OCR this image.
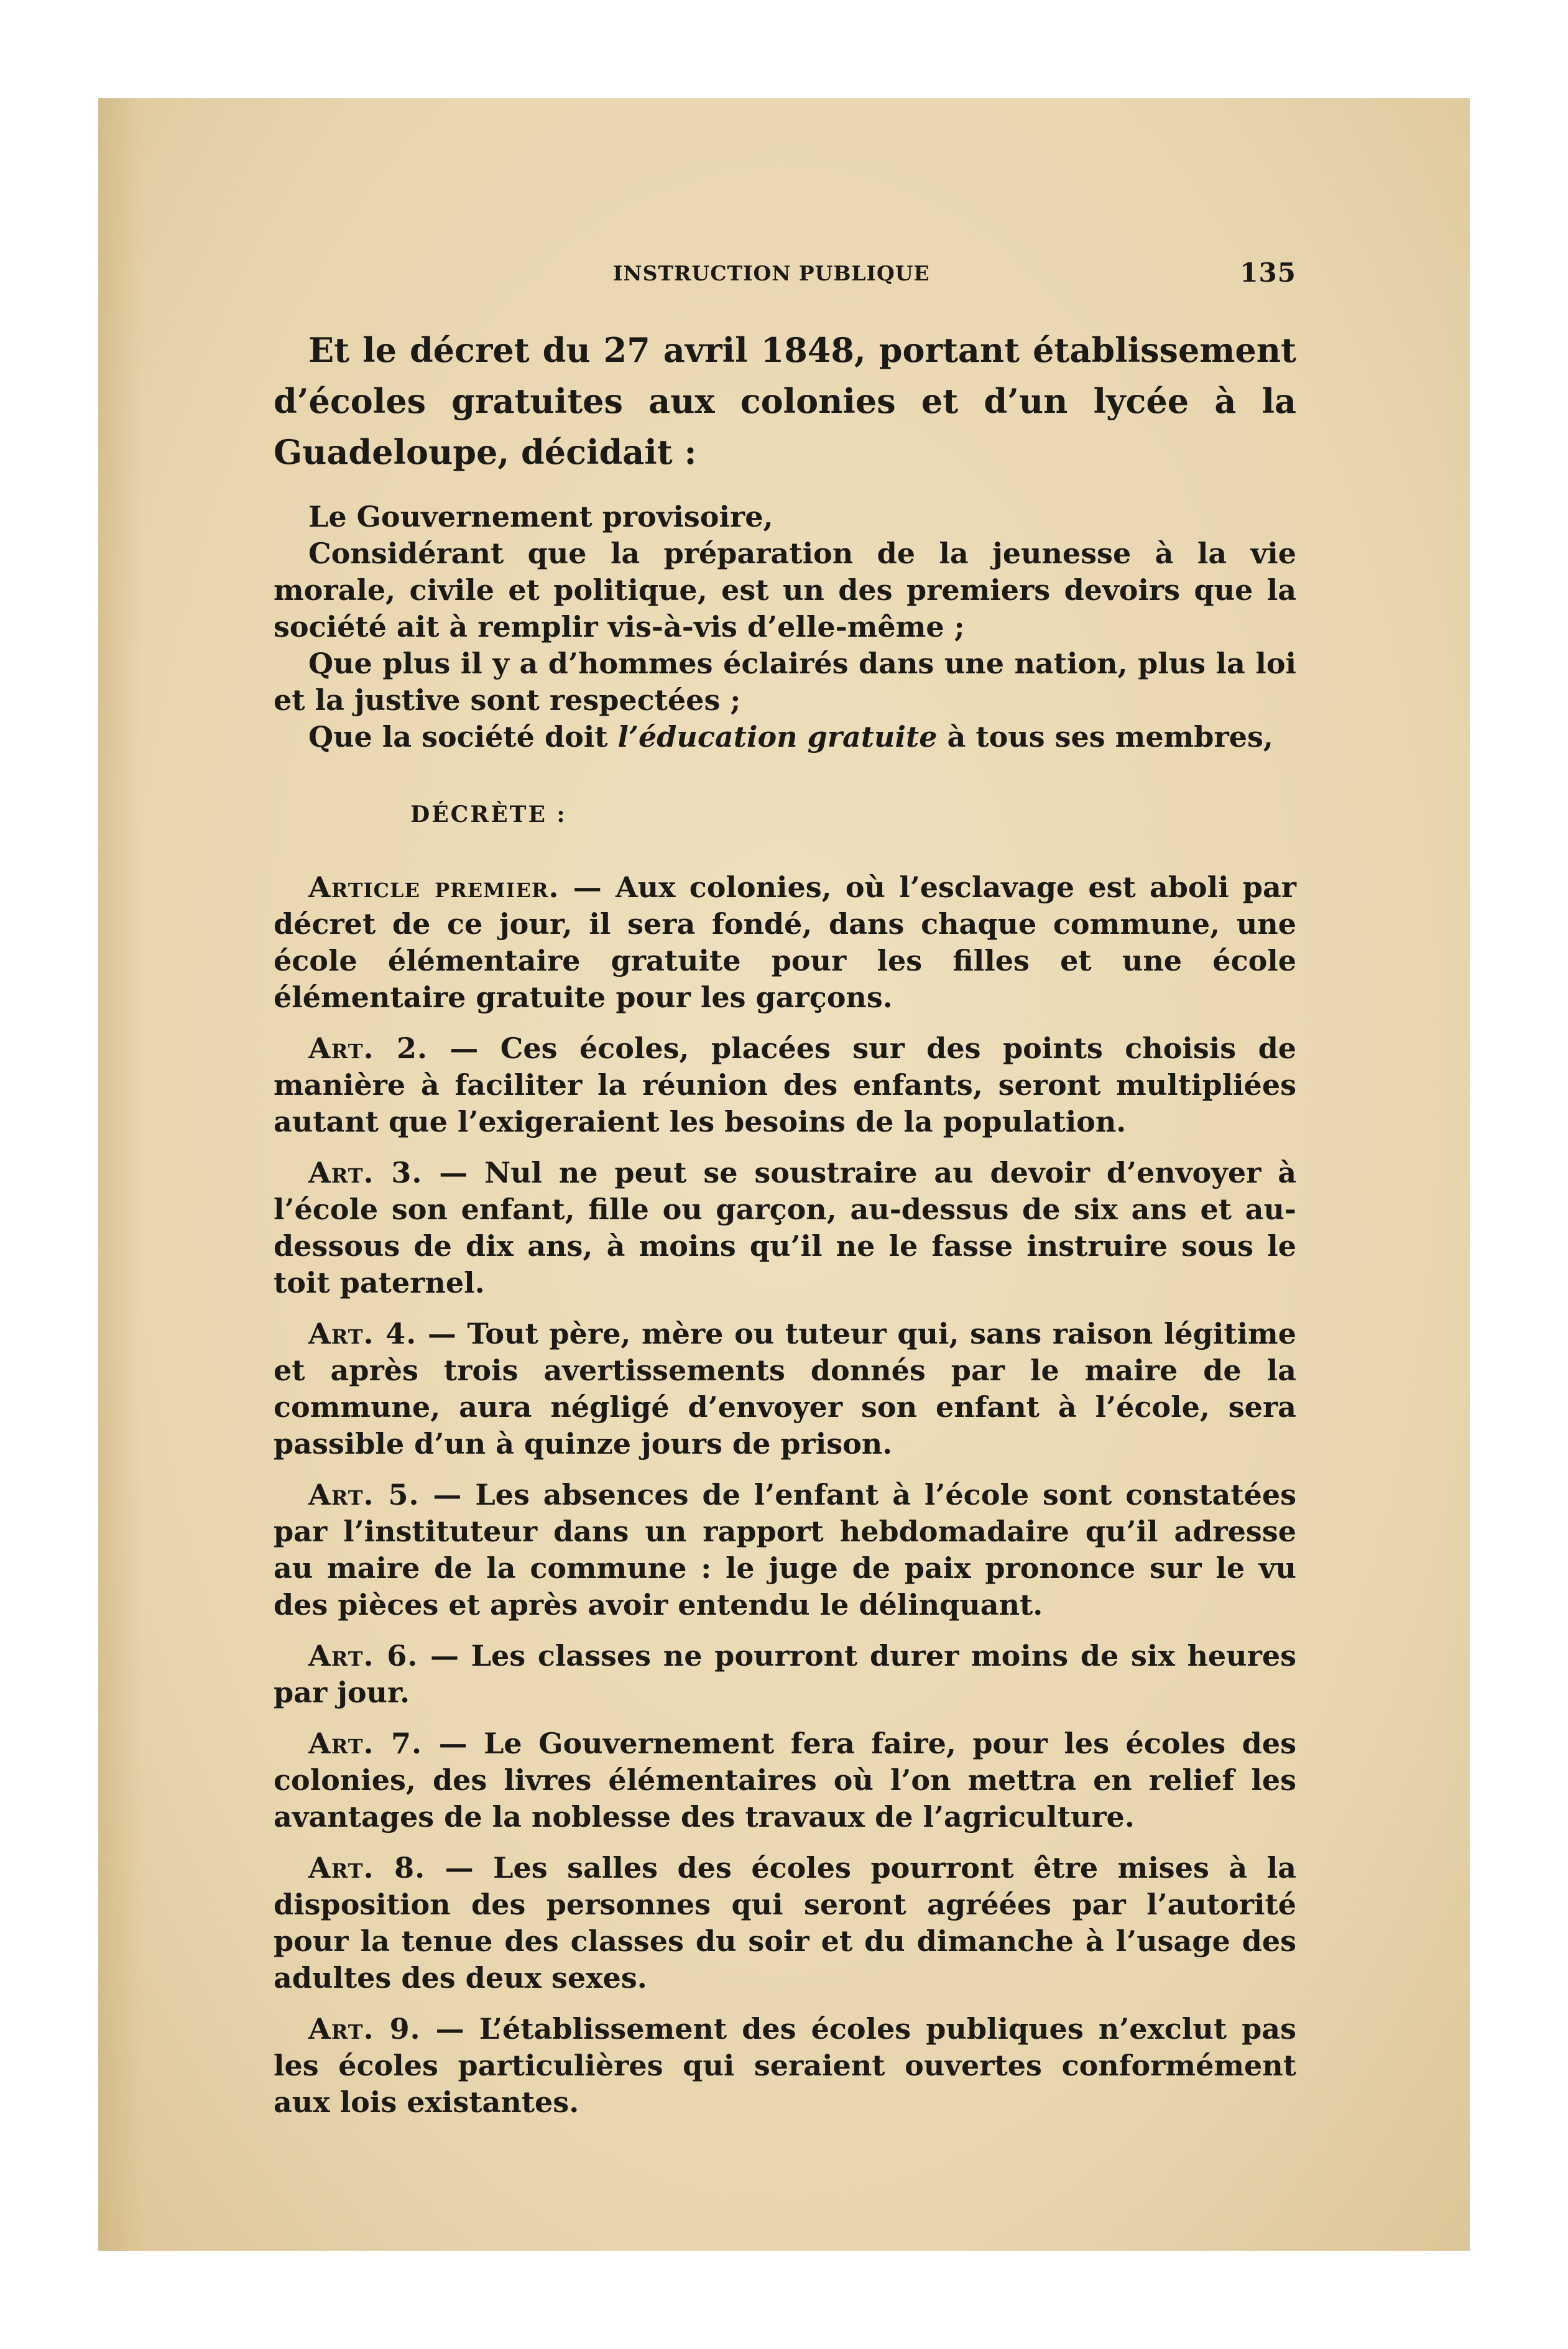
INSTRUCTION PUBLIQUE	135
Et le décret du 27 avril 1848, portant établissement d’écoles gratuites aux colonies et d’un lycée à la Guadeloupe, décidait :

Le Gouvernement provisoire,

Considérant que la préparation de la jeunesse à la vie morale, civile et politique, est un des premiers devoirs que la société ait à remplir vis-à-vis d’elle-même ;

Que plus il y a d’hommes éclairés dans une nation, plus la loi et la justive sont respectées ;

Que la société doit l’éducation gratuite à tous ses membres,

DÉCRÈTE :

Article premier. — Aux colonies, où l’esclavage est aboli par décret de ce jour, il sera fondé, dans chaque commune, une école élémentaire gratuite pour les filles et une école élémentaire gratuite pour les garçons.

Art. 2. — Ces écoles, placées sur des points choisis de manière à faciliter la réunion des enfants, seront multipliées autant que l’exigeraient les besoins de la population.

Art. 3. — Nul ne peut se soustraire au devoir d’envoyer à l’école son enfant, fille ou garçon, au-dessus de six ans et au-dessous de dix ans, à moins qu’il ne le fasse instruire sous le toit paternel.

Art. 4. — Tout père, mère ou tuteur qui, sans raison légitime et après trois avertissements donnés par le maire de la commune, aura négligé d’envoyer son enfant à l’école, sera passible d’un à quinze jours de prison.

Art. 5. — Les absences de l’enfant à l’école sont constatées par l’instituteur dans un rapport hebdomadaire qu’il adresse au maire de la commune : le juge de paix prononce sur le vu des pièces et après avoir entendu le délinquant.

Art. 6. — Les classes ne pourront durer moins de six heures par jour.

Art. 7. — Le Gouvernement fera faire, pour les écoles des colonies, des livres élémentaires où l’on mettra en relief les avantages de la noblesse des travaux de l’agriculture.

Art. 8. — Les salles des écoles pourront être mises à la disposition des personnes qui seront agréées par l’autorité pour la tenue des classes du soir et du dimanche à l’usage des adultes des deux sexes.

Art. 9. — L’établissement des écoles publiques n’exclut pas les écoles particulières qui seraient ouvertes conformément aux lois existantes.
